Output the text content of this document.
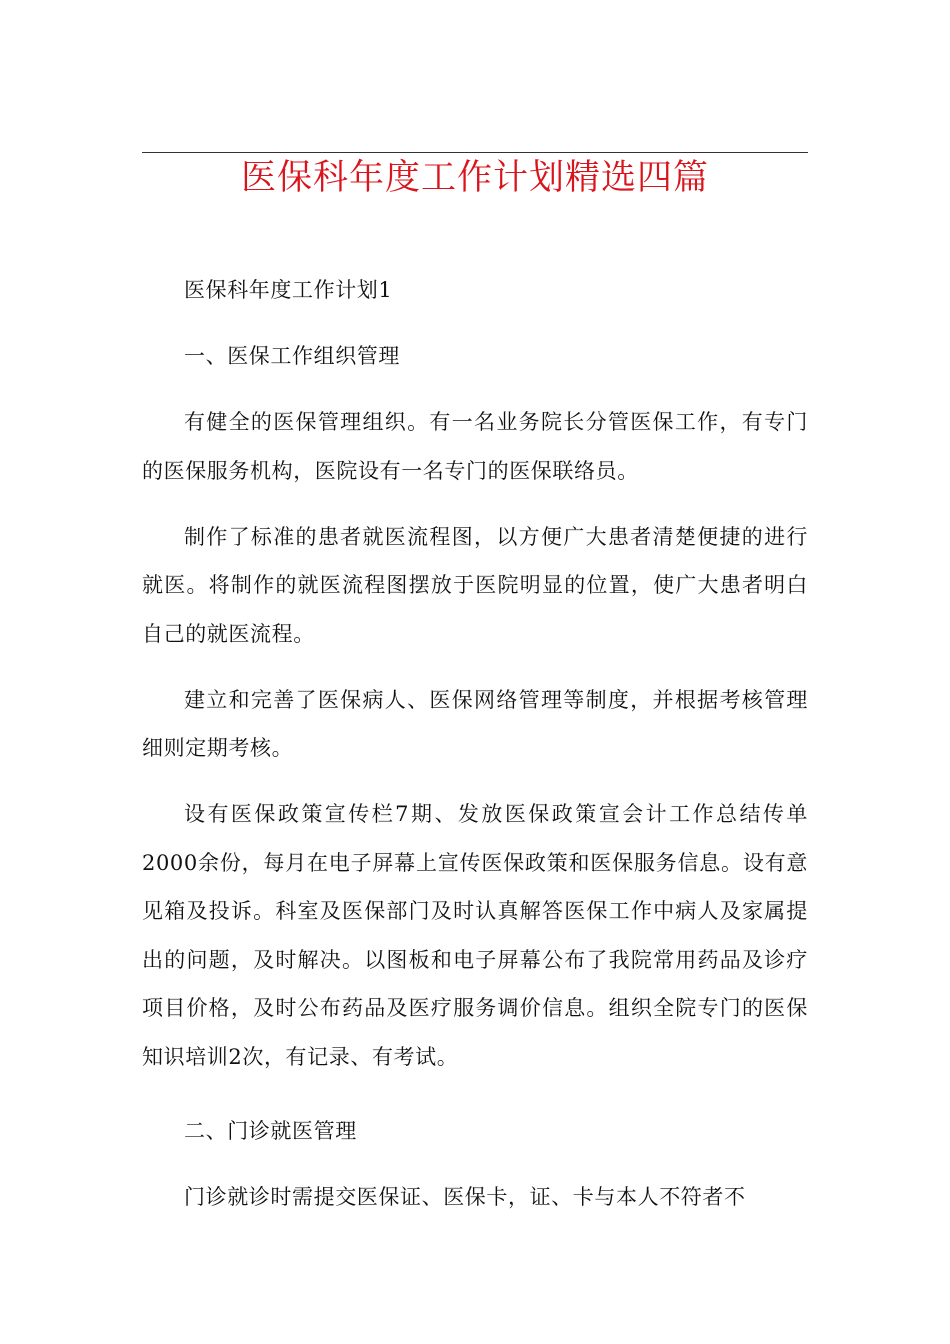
医保科年度工作计划精选四篇

医保科年度工作计划1

一、医保工作组织管理

有健全的医保管理组织。有一名业务院长分管医保工作，有专门的医保服务机构，医院设有一名专门的医保联络员。

制作了标准的患者就医流程图，以方便广大患者清楚便捷的进行就医。将制作的就医流程图摆放于医院明显的位置，使广大患者明白自己的就医流程。

建立和完善了医保病人、医保网络管理等制度，并根据考核管理细则定期考核。

设有医保政策宣传栏7期、发放医保政策宣会计工作总结传单2000余份，每月在电子屏幕上宣传医保政策和医保服务信息。设有意见箱及投诉。科室及医保部门及时认真解答医保工作中病人及家属提出的问题，及时解决。以图板和电子屏幕公布了我院常用药品及诊疗项目价格，及时公布药品及医疗服务调价信息。组织全院专门的医保知识培训2次，有记录、有考试。

二、门诊就医管理

门诊就诊时需提交医保证、医保卡，证、卡与本人不符者不
